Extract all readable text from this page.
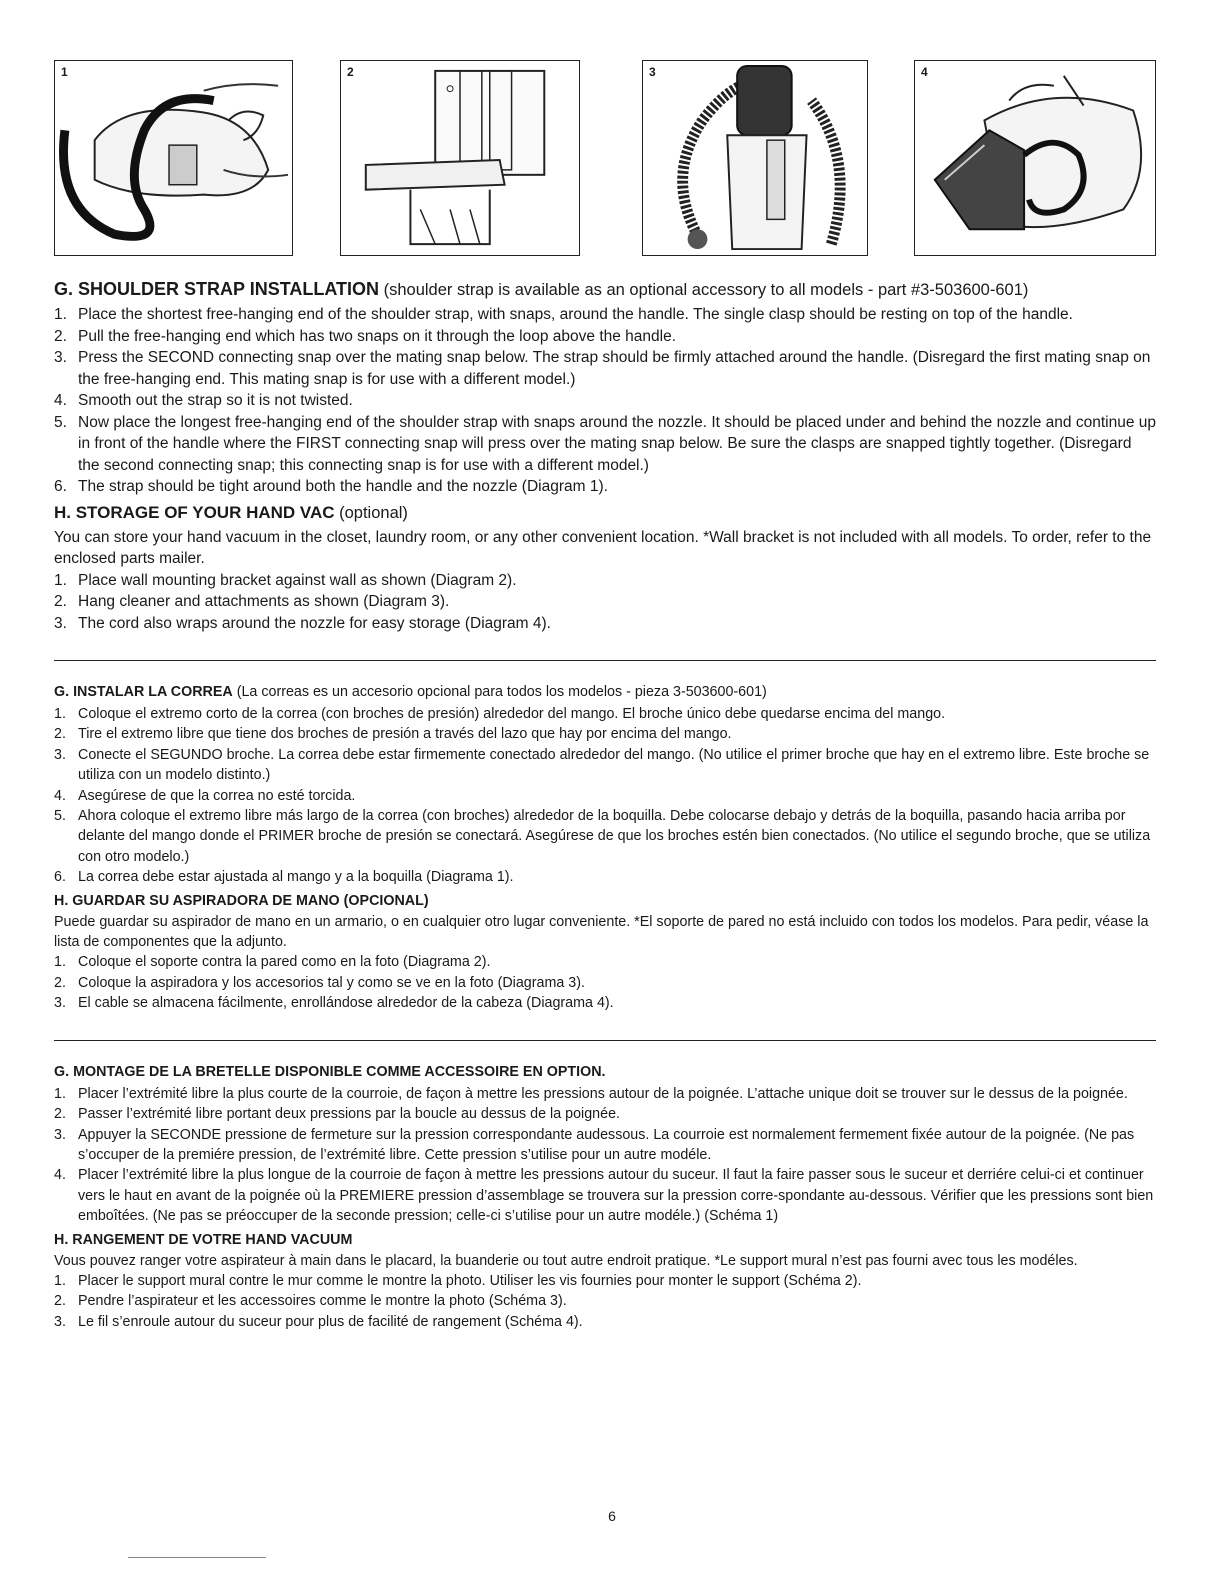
1	2	3	4
G. SHOULDER STRAP INSTALLATION (shoulder strap is available as an optional accessory to all models - part #3-503600-601)
1. Place the shortest free-hanging end of the shoulder strap, with snaps, around the handle. The single clasp should be resting on top of the handle.
2. Pull the free-hanging end which has two snaps on it through the loop above the handle.
3. Press the SECOND connecting snap over the mating snap below. The strap should be firmly attached around the handle. (Disregard the first mating snap on the free-hanging end. This mating snap is for use with a different model.)
4. Smooth out the strap so it is not twisted.
5. Now place the longest free-hanging end of the shoulder strap with snaps around the nozzle. It should be placed under and behind the nozzle and continue up in front of the handle where the FIRST connecting snap will press over the mating snap below. Be sure the clasps are snapped tightly together. (Disregard the second connecting snap; this connecting snap is for use with a different model.)
6. The strap should be tight around both the handle and the nozzle (Diagram 1).
H. STORAGE OF YOUR HAND VAC (optional)

You can store your hand vacuum in the closet, laundry room, or any other convenient location. *Wall bracket is not included with all models. To order, refer to the enclosed parts mailer.

1. Place wall mounting bracket against wall as shown (Diagram 2).
2. Hang cleaner and attachments as shown (Diagram 3).
3. The cord also wraps around the nozzle for easy storage (Diagram 4).
G. INSTALAR LA CORREA (La correas es un accesorio opcional para todos los modelos - pieza 3-503600-601)
1. Coloque el extremo corto de la correa (con broches de presión) alrededor del mango. El broche único debe quedarse encima del mango.
2. Tire el extremo libre que tiene dos broches de presión a través del lazo que hay por encima del mango.
3. Conecte el SEGUNDO broche. La correa debe estar firmemente conectado alrededor del mango. (No utilice el primer broche que hay en el extremo libre. Este broche se utiliza con un modelo distinto.)
4. Asegúrese de que la correa no esté torcida.
5. Ahora coloque el extremo libre más largo de la correa (con broches) alrededor de la boquilla. Debe colocarse debajo y detrás de la boquilla, pasando hacia arriba por delante del mango donde el PRIMER broche de presión se conectará. Asegúrese de que los broches estén bien conectados. (No utilice el segundo broche, que se utiliza con otro modelo.)
6. La correa debe estar ajustada al mango y a la boquilla (Diagrama 1).
H. GUARDAR SU ASPIRADORA DE MANO (OPCIONAL)

Puede guardar su aspirador de mano en un armario, o en cualquier otro lugar conveniente. *El soporte de pared no está incluido con todos los modelos. Para pedir, véase la lista de componentes que la adjunto.

1. Coloque el soporte contra la pared como en la foto (Diagrama 2).
2. Coloque la aspiradora y los accesorios tal y como se ve en la foto (Diagrama 3).
3. El cable se almacena fácilmente, enrollándose alrededor de la cabeza (Diagrama 4).
G. MONTAGE DE LA BRETELLE DISPONIBLE COMME ACCESSOIRE EN OPTION.
1. Placer l’extrémité libre la plus courte de la courroie, de façon à mettre les pressions autour de la poignée. L’attache unique doit se trouver sur le dessus de la poignée.
2. Passer l’extrémité libre portant deux pressions par la boucle au dessus de la poignée.
3. Appuyer la SECONDE pressione de fermeture sur la pression correspondante audessous. La courroie est normalement fermement fixée autour de la poignée. (Ne pas s’occuper de la premiére pression, de l’extrémité libre. Cette pression s’utilise pour un autre modéle.
4. Placer l’extrémité libre la plus longue de la courroie de façon à mettre les pressions autour du suceur. Il faut la faire passer sous le suceur et derriére celui-ci et continuer vers le haut en avant de la poignée où la PREMIERE pression d’assemblage se trouvera sur la pression corre-spondante au-dessous. Vérifier que les pressions sont bien emboîtées. (Ne pas se préoccuper de la seconde pression; celle-ci s’utilise pour un autre modéle.) (Schéma 1)
H. RANGEMENT DE VOTRE HAND VACUUM

Vous pouvez ranger votre aspirateur à main dans le placard, la buanderie ou tout autre endroit pratique. *Le support mural n’est pas fourni avec tous les modéles.

1. Placer le support mural contre le mur comme le montre la photo. Utiliser les vis fournies pour monter le support (Schéma 2).
2. Pendre l’aspirateur et les accessoires comme le montre la photo (Schéma 3).
3. Le fil s’enroule autour du suceur pour plus de facilité de rangement (Schéma 4).
6
